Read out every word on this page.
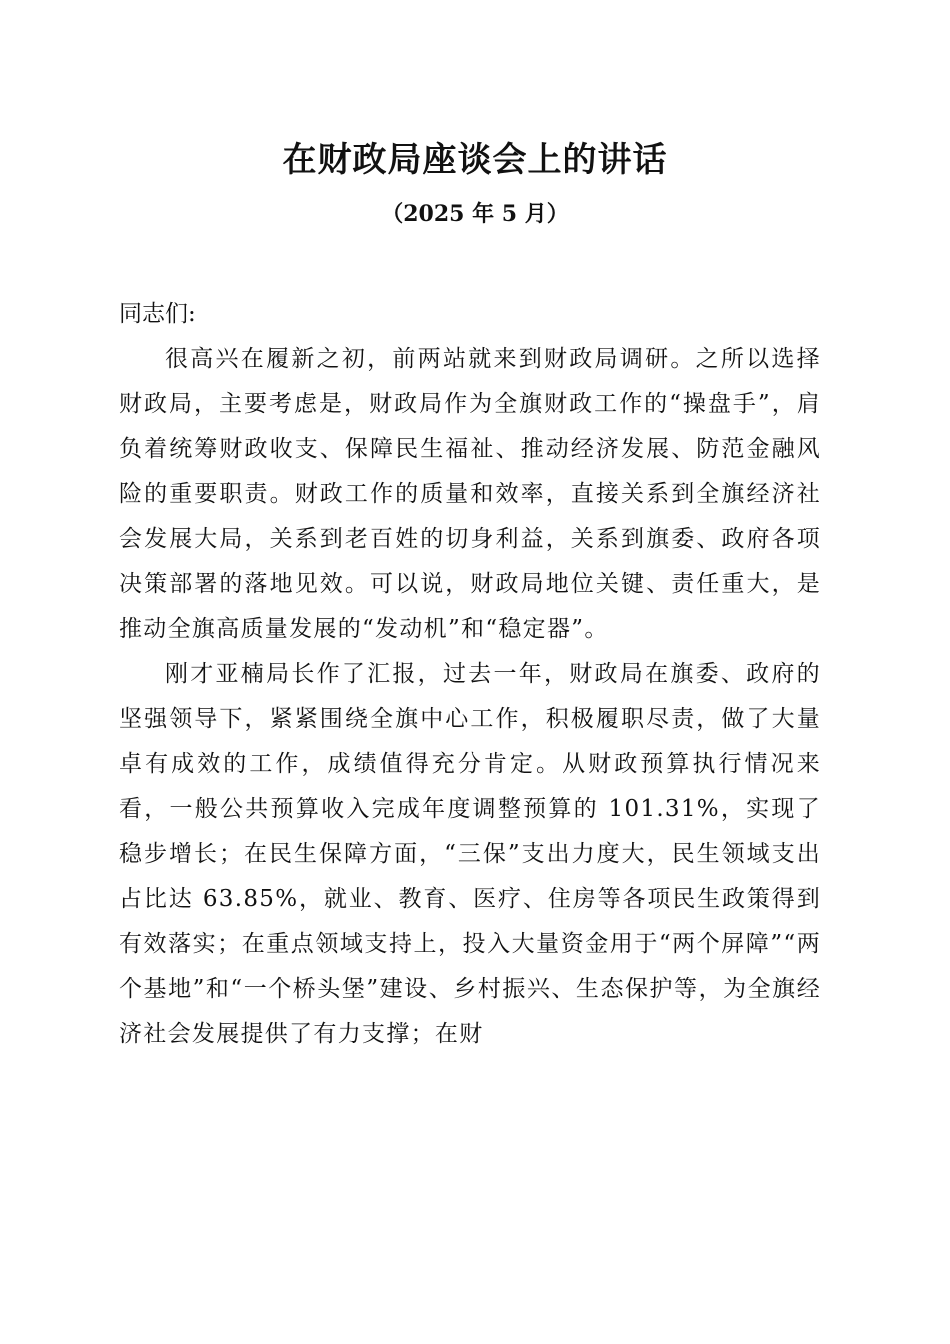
在财政局座谈会上的讲话

（2025 年 5 月）

同志们:

很高兴在履新之初，前两站就来到财政局调研。之所以选择财政局，主要考虑是，财政局作为全旗财政工作的“操盘手”，肩负着统筹财政收支、保障民生福祉、推动经济发展、防范金融风险的重要职责。财政工作的质量和效率，直接关系到全旗经济社会发展大局，关系到老百姓的切身利益，关系到旗委、政府各项决策部署的落地见效。可以说，财政局地位关键、责任重大，是推动全旗高质量发展的“发动机”和“稳定器”。

刚才亚楠局长作了汇报，过去一年，财政局在旗委、政府的坚强领导下，紧紧围绕全旗中心工作，积极履职尽责，做了大量卓有成效的工作，成绩值得充分肯定。从财政预算执行情况来看，一般公共预算收入完成年度调整预算的 101.31%，实现了稳步增长；在民生保障方面，“三保”支出力度大，民生领域支出占比达 63.85%，就业、教育、医疗、住房等各项民生政策得到有效落实；在重点领域支持上，投入大量资金用于“两个屏障”“两个基地”和“一个桥头堡”建设、乡村振兴、生态保护等，为全旗经济社会发展提供了有力支撑；在财
